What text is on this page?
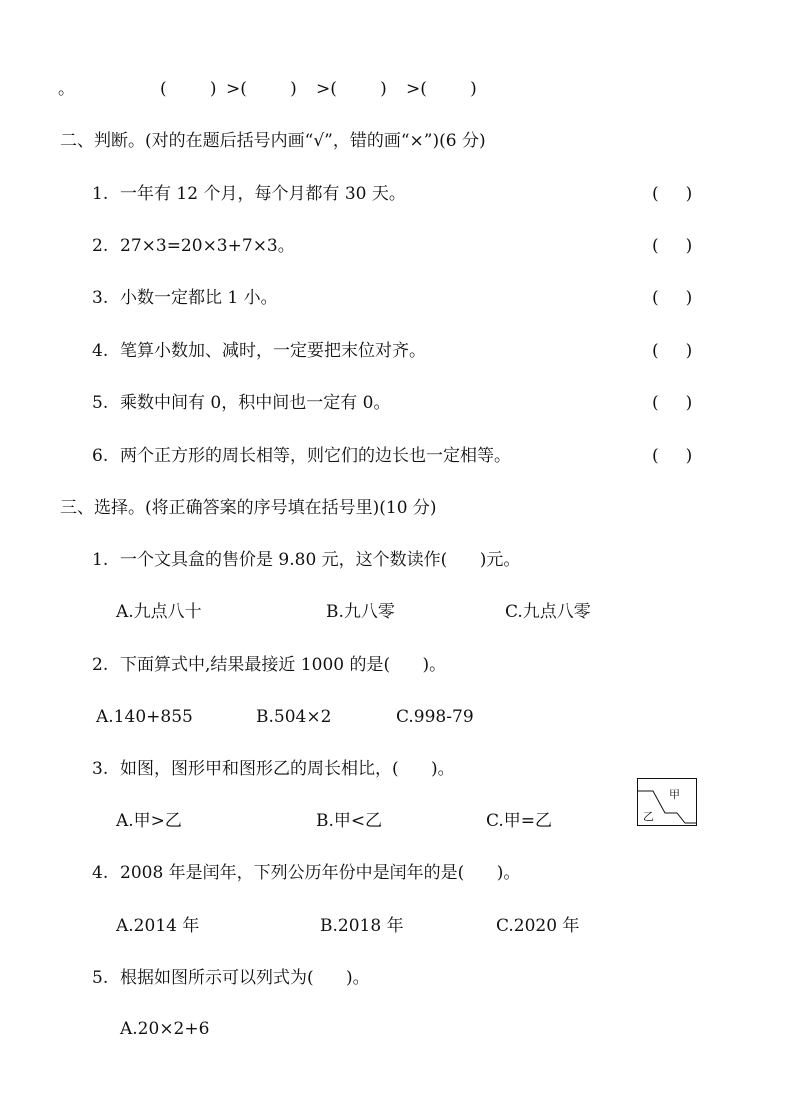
。	(        ) >(        ) >(        ) >(        )
二、判断。(对的在题后括号内画“√”，错的画“×”)(6 分)
1. 一年有 12 个月，每个月都有 30 天。	(     )
2. 27×3=20×3+7×3。	(     )
3. 小数一定都比 1 小。	(     )
4. 笔算小数加、减时，一定要把末位对齐。	(     )
5. 乘数中间有 0，积中间也一定有 0。	(     )
6. 两个正方形的周长相等，则它们的边长也一定相等。	(     )
三、选择。(将正确答案的序号填在括号里)(10 分)
1. 一个文具盒的售价是 9.80 元，这个数读作(      )元。
A.九点八十	B.九八零	C.九点八零
2. 下面算式中,结果最接近 1000 的是(      )。
A.140+855	B.504×2	C.998-79
3. 如图，图形甲和图形乙的周长相比，(      )。
A.甲>乙	B.甲<乙	C.甲=乙
甲
乙
4. 2008 年是闰年，下列公历年份中是闰年的是(      )。
A.2014 年	B.2018 年	C.2020 年
5. 根据如图所示可以列式为(      )。
A.20×2+6
